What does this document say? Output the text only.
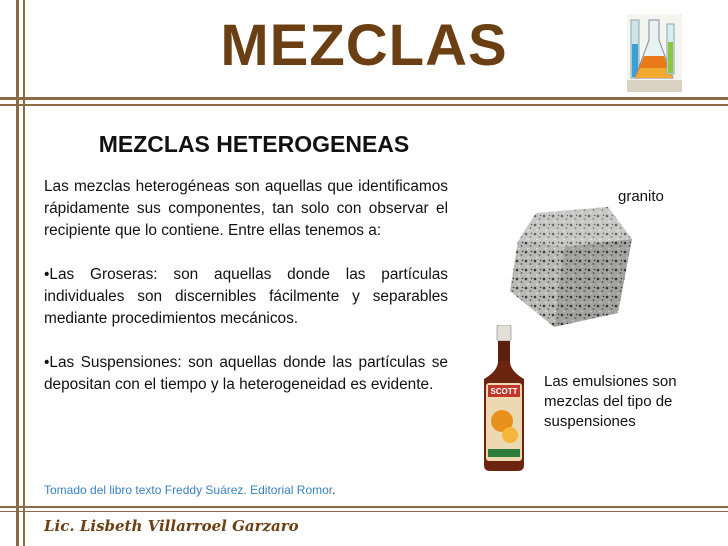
MEZCLAS
MEZCLAS HETEROGENEAS

Las mezclas heterogéneas son aquellas que identificamos rápidamente sus componentes, tan solo con observar el recipiente que lo contiene. Entre ellas tenemos a:

•Las Groseras: son aquellas donde las partículas individuales son discernibles fácilmente y separables mediante procedimientos mecánicos.

•Las Suspensiones: son aquellas donde las partículas se depositan con el tiempo y la heterogeneidad es evidente.

Tomado del libro texto Freddy Suárez. Editorial Romor.
granito
SCOTT
Las emulsiones son mezclas del tipo de suspensiones
Lic. Lisbeth Villarroel Garzaro
